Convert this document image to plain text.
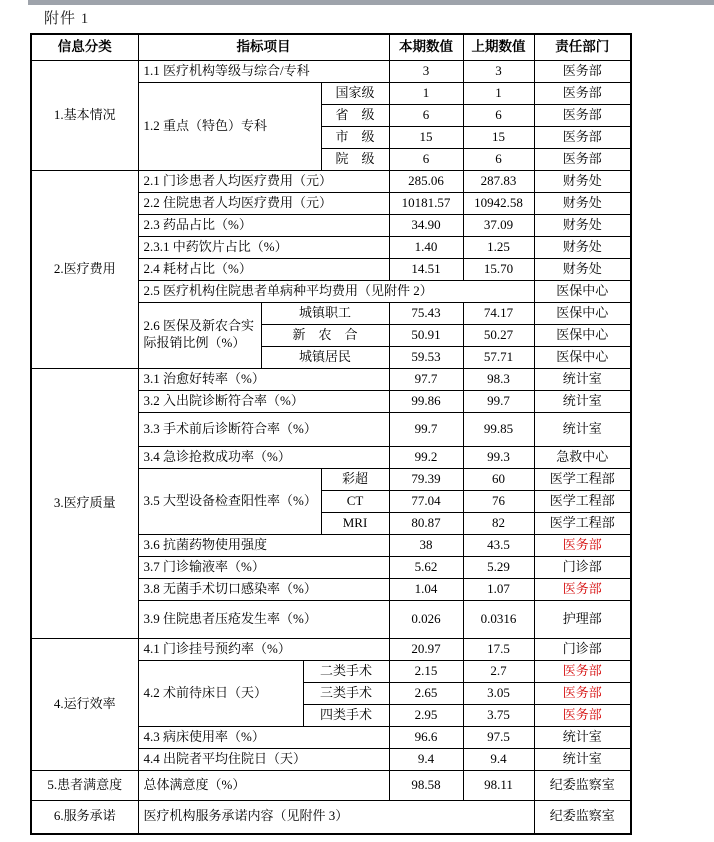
附件 1
信息分类	指标项目				本期数值	上期数值	责任部门
1.基本情况	1.1 医疗机构等级与综合/专科				3	3	医务部
	1.2 重点（特色）专科			国家级	1	1	医务部
				省　级	6	6	医务部
				市　级	15	15	医务部
				院　级	6	6	医务部
2.医疗费用	2.1 门诊患者人均医疗费用（元）				285.06	287.83	财务处
	2.2 住院患者人均医疗费用（元）				10181.57	10942.58	财务处
	2.3 药品占比（%）				34.90	37.09	财务处
	2.3.1 中药饮片占比（%）				1.40	1.25	财务处
	2.4 耗材占比（%）				14.51	15.70	财务处
	2.5 医疗机构住院患者单病种平均费用（见附件 2）						医保中心
	2.6 医保及新农合实际报销比例（%）	城镇职工			75.43	74.17	医保中心
		新　农　合			50.91	50.27	医保中心
		城镇居民			59.53	57.71	医保中心
3.医疗质量	3.1 治愈好转率（%）				97.7	98.3	统计室
	3.2 入出院诊断符合率（%）				99.86	99.7	统计室
	3.3 手术前后诊断符合率（%）				99.7	99.85	统计室
	3.4 急诊抢救成功率（%）				99.2	99.3	急救中心
	3.5 大型设备检查阳性率（%）			彩超	79.39	60	医学工程部
				CT	77.04	76	医学工程部
				MRI	80.87	82	医学工程部
	3.6 抗菌药物使用强度				38	43.5	医务部
	3.7 门诊输液率（%）				5.62	5.29	门诊部
	3.8 无菌手术切口感染率（%）				1.04	1.07	医务部
	3.9 住院患者压疮发生率（%）				0.026	0.0316	护理部
4.运行效率	4.1 门诊挂号预约率（%）				20.97	17.5	门诊部
	4.2 术前待床日（天）		二类手术		2.15	2.7	医务部
			三类手术		2.65	3.05	医务部
			四类手术		2.95	3.75	医务部
	4.3 病床使用率（%）				96.6	97.5	统计室
	4.4 出院者平均住院日（天）				9.4	9.4	统计室
5.患者满意度	总体满意度（%）				98.58	98.11	纪委监察室
6.服务承诺	医疗机构服务承诺内容（见附件 3）						纪委监察室
